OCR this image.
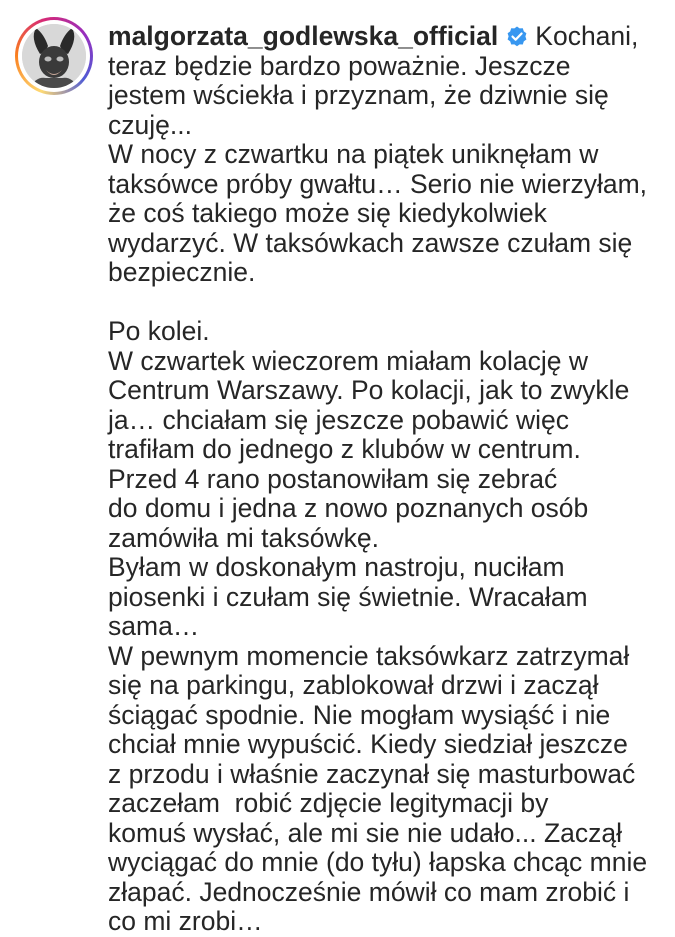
malgorzata_godlewska_official Kochani,
teraz będzie bardzo poważnie. Jeszcze
jestem wściekła i przyznam, że dziwnie się
czuję...
W nocy z czwartku na piątek uniknęłam w
taksówce próby gwałtu… Serio nie wierzyłam,
że coś takiego może się kiedykolwiek
wydarzyć. W taksówkach zawsze czułam się
bezpiecznie.
Po kolei.
W czwartek wieczorem miałam kolację w
Centrum Warszawy. Po kolacji, jak to zwykle
ja… chciałam się jeszcze pobawić więc
trafiłam do jednego z klubów w centrum.
Przed 4 rano postanowiłam się zebrać
do domu i jedna z nowo poznanych osób
zamówiła mi taksówkę.
Byłam w doskonałym nastroju, nuciłam
piosenki i czułam się świetnie. Wracałam
sama…
W pewnym momencie taksówkarz zatrzymał
się na parkingu, zablokował drzwi i zaczął
ściągać spodnie. Nie mogłam wysiąść i nie
chciał mnie wypuścić. Kiedy siedział jeszcze
z przodu i właśnie zaczynał się masturbować
zaczełam  robić zdjęcie legitymacji by
komuś wysłać, ale mi sie nie udało... Zaczął
wyciągać do mnie (do tyłu) łapska chcąc mnie
złapać. Jednocześnie mówił co mam zrobić i
co mi zrobi…
